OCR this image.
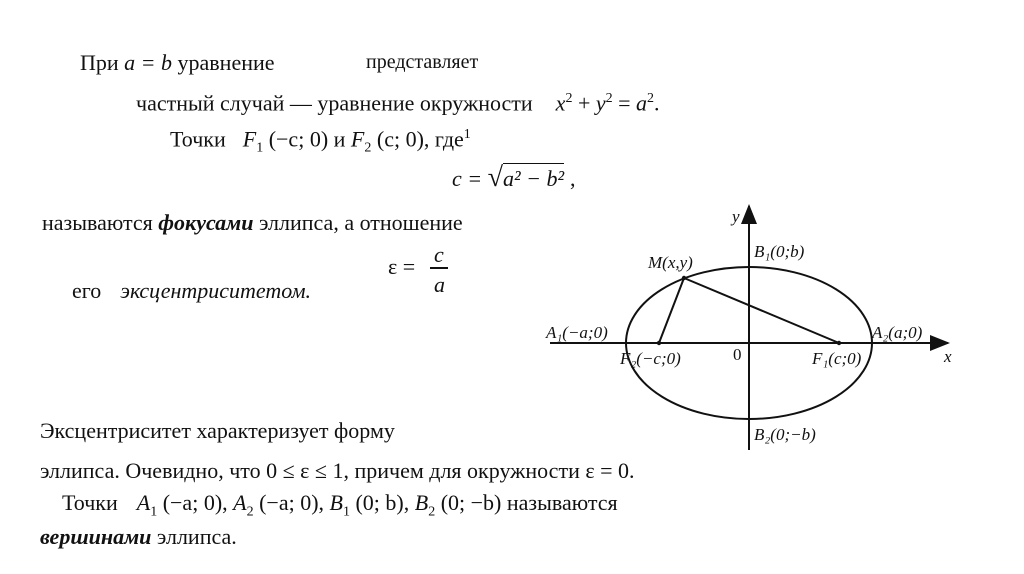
При a = b уравнение	представляет
частный случай — уравнение окружности $x^2 + y^2 = a^2$.
Точки $F_1$ (−c; 0) и $F_2$ (c; 0), где$^1$
c = √a² − b² ,
называются фокусами эллипса, а отношение
его эксцентриситетом.
ε = c
a
Эксцентриситет характеризует форму
эллипса. Очевидно, что 0 ≤ ε ≤ 1, причем для окружности ε = 0.
Точки $A_1$ (−a; 0), $A_2$ (−a; 0), $B_1$ (0; b), $B_2$ (0; −b) называются
вершинами эллипса.
y
x
0
B₁(0;b)
B₂(0;−b)
A₁(−a;0)	A₂(a;0)
F₁(c;0)
F₂(−c;0)
M(x,y)
